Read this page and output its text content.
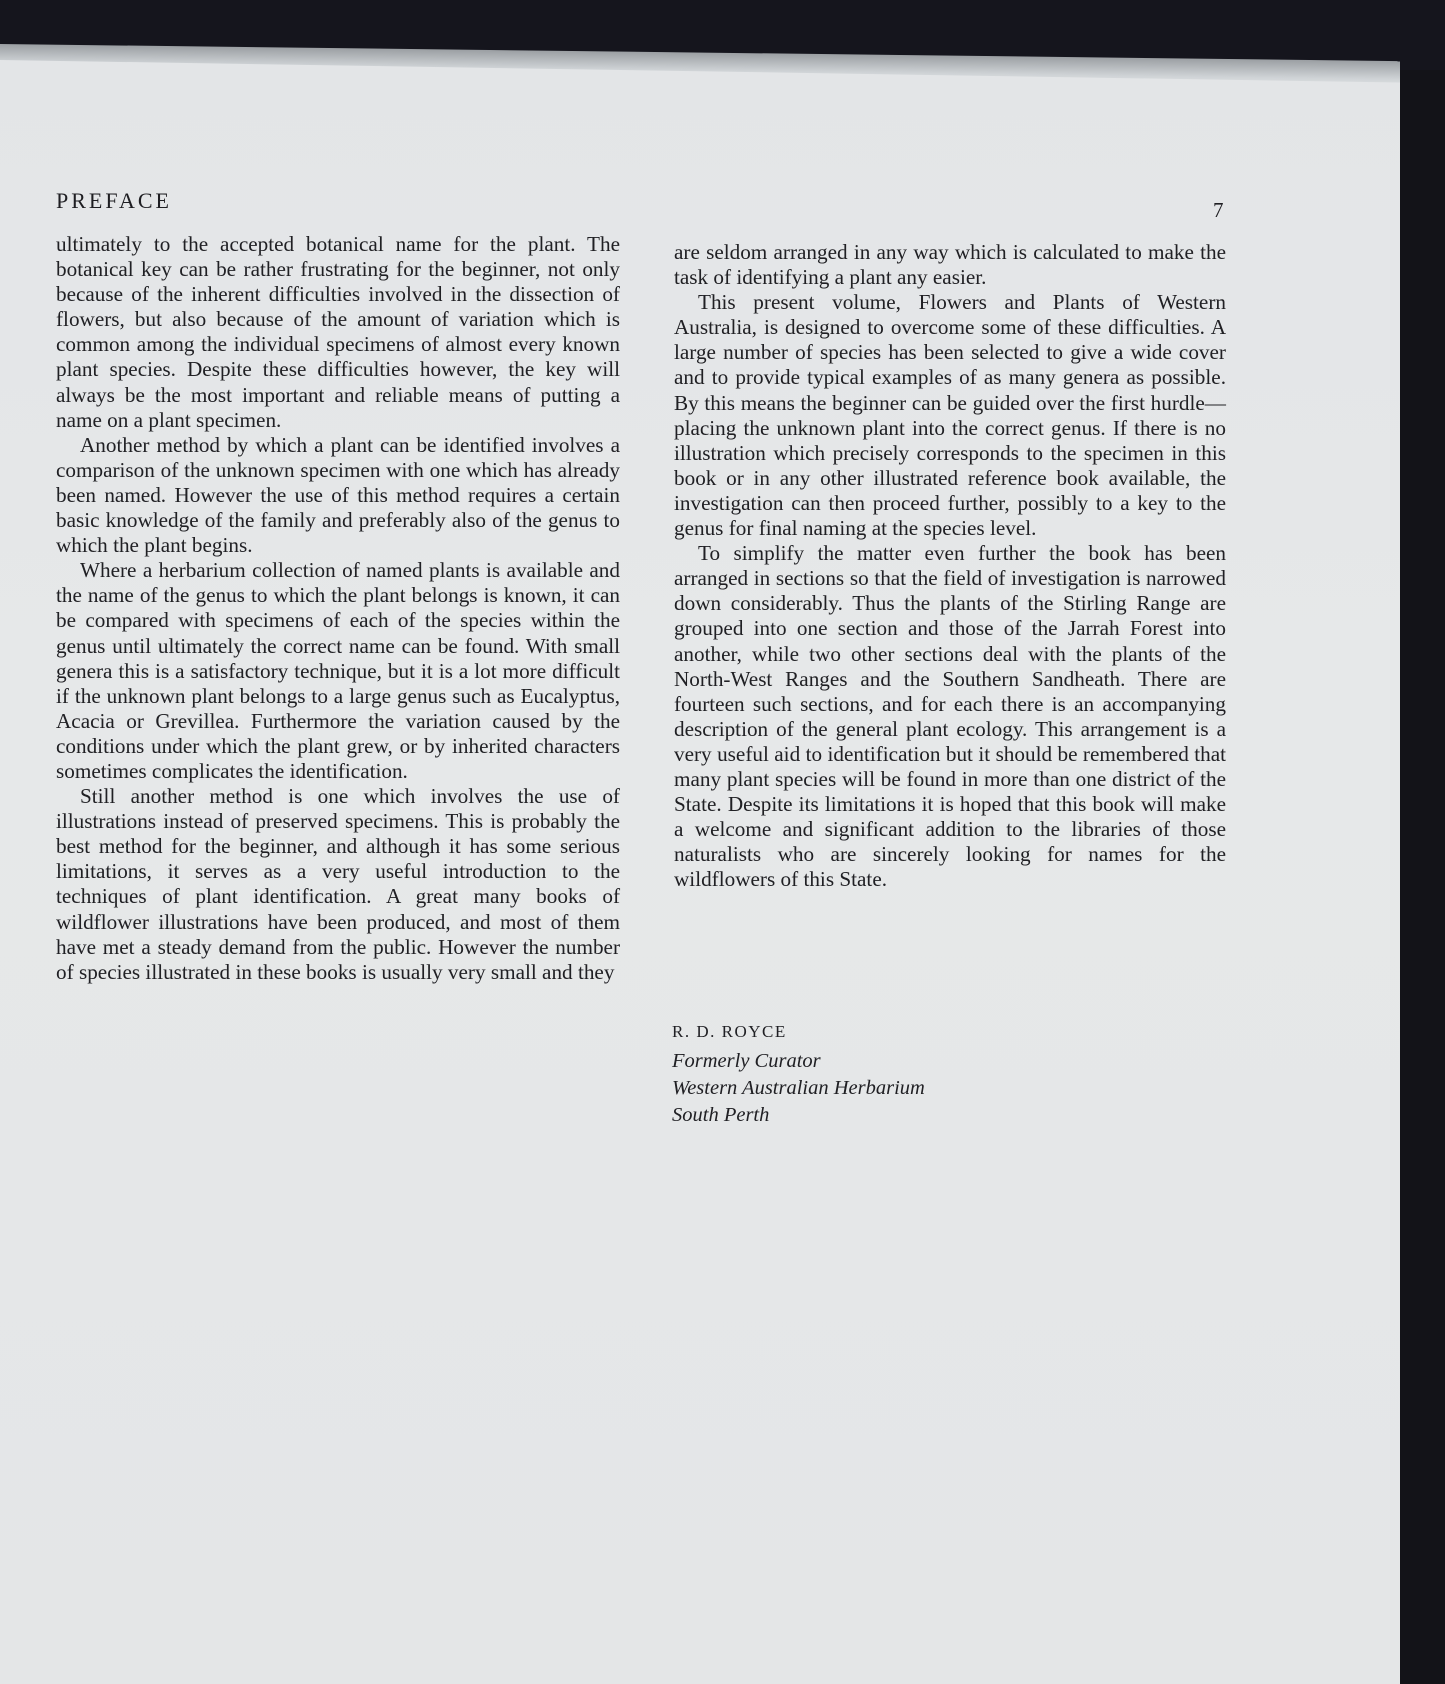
PREFACE	7

ultimately to the accepted botanical name for the plant. The botanical key can be rather frustrating for the beginner, not only because of the inherent difficulties involved in the dissection of flowers, but also because of the amount of variation which is common among the individual specimens of almost every known plant species. Despite these difficulties however, the key will always be the most important and reliable means of putting a name on a plant specimen.

Another method by which a plant can be identified involves a comparison of the unknown specimen with one which has already been named. However the use of this method requires a certain basic knowledge of the family and preferably also of the genus to which the plant begins.

Where a herbarium collection of named plants is available and the name of the genus to which the plant belongs is known, it can be compared with specimens of each of the species within the genus until ultimately the correct name can be found. With small genera this is a satisfactory technique, but it is a lot more difficult if the unknown plant belongs to a large genus such as Eucalyptus, Acacia or Grevillea. Furthermore the variation caused by the conditions under which the plant grew, or by inherited characters sometimes complicates the identification.

Still another method is one which involves the use of illustrations instead of preserved specimens. This is probably the best method for the beginner, and although it has some serious limitations, it serves as a very useful introduction to the techniques of plant identification. A great many books of wildflower illustrations have been produced, and most of them have met a steady demand from the public. However the number of species illustrated in these books is usually very small and they

are seldom arranged in any way which is calculated to make the task of identifying a plant any easier.

This present volume, Flowers and Plants of Western Australia, is designed to overcome some of these difficulties. A large number of species has been selected to give a wide cover and to provide typical examples of as many genera as possible. By this means the beginner can be guided over the first hurdle—placing the unknown plant into the correct genus. If there is no illustration which precisely corresponds to the specimen in this book or in any other illustrated reference book available, the investigation can then proceed further, possibly to a key to the genus for final naming at the species level.

To simplify the matter even further the book has been arranged in sections so that the field of investigation is narrowed down considerably. Thus the plants of the Stirling Range are grouped into one section and those of the Jarrah Forest into another, while two other sections deal with the plants of the North-West Ranges and the Southern Sandheath. There are fourteen such sections, and for each there is an accompanying description of the general plant ecology. This arrangement is a very useful aid to identification but it should be remembered that many plant species will be found in more than one district of the State. Despite its limitations it is hoped that this book will make a welcome and significant addition to the libraries of those naturalists who are sincerely looking for names for the wildflowers of this State.

R. D. ROYCE
Formerly Curator
Western Australian Herbarium
South Perth
